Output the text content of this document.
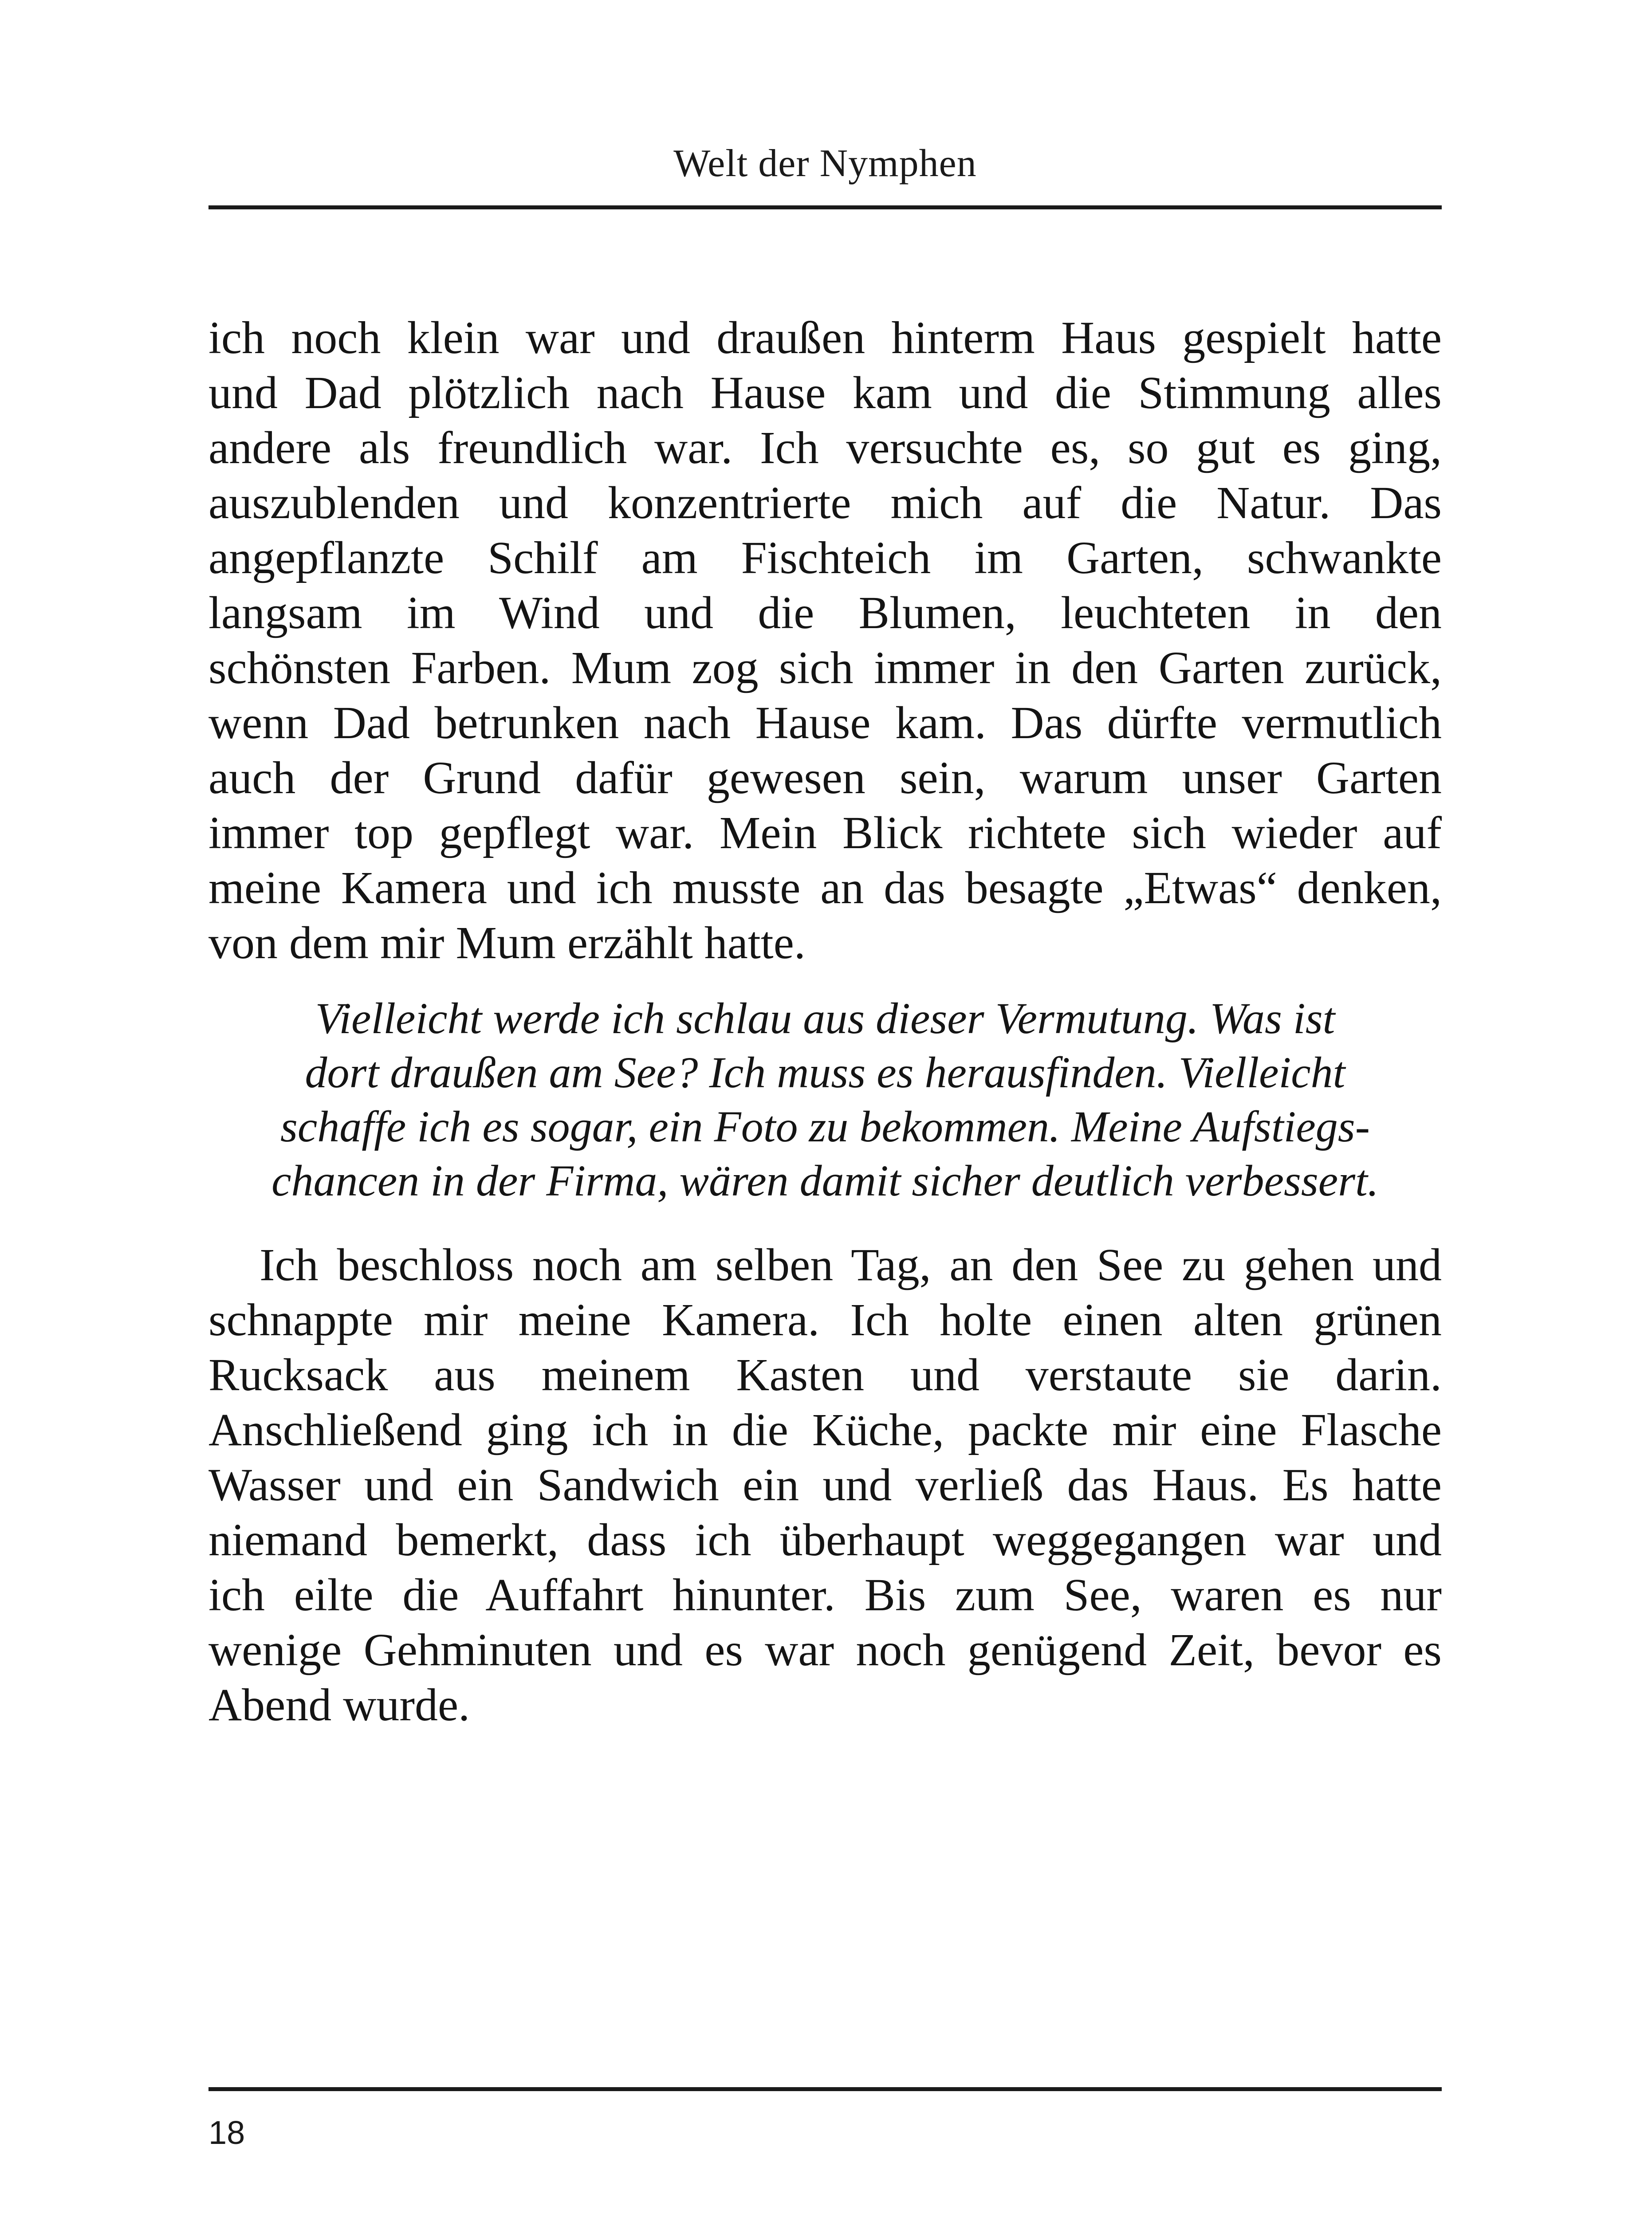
Welt der Nymphen
ich noch klein war und draußen hinterm Haus gespielt hatte
und Dad plötzlich nach Hause kam und die Stimmung alles
andere als freundlich war. Ich versuchte es, so gut es ging,
auszublenden und konzentrierte mich auf die Natur. Das
angepflanzte Schilf am Fischteich im Garten, schwankte
langsam im Wind und die Blumen, leuchteten in den
schönsten Farben. Mum zog sich immer in den Garten zurück,
wenn Dad betrunken nach Hause kam. Das dürfte vermutlich
auch der Grund dafür gewesen sein, warum unser Garten
immer top gepflegt war. Mein Blick richtete sich wieder auf
meine Kamera und ich musste an das besagte „Etwas“ denken,
von dem mir Mum erzählt hatte.
Vielleicht werde ich schlau aus dieser Vermutung. Was ist
dort draußen am See? Ich muss es herausfinden. Vielleicht
schaffe ich es sogar, ein Foto zu bekommen. Meine Aufstiegs-
chancen in der Firma, wären damit sicher deutlich verbessert.
Ich beschloss noch am selben Tag, an den See zu gehen und
schnappte mir meine Kamera. Ich holte einen alten grünen
Rucksack aus meinem Kasten und verstaute sie darin.
Anschließend ging ich in die Küche, packte mir eine Flasche
Wasser und ein Sandwich ein und verließ das Haus. Es hatte
niemand bemerkt, dass ich überhaupt weggegangen war und
ich eilte die Auffahrt hinunter. Bis zum See, waren es nur
wenige Gehminuten und es war noch genügend Zeit, bevor es
Abend wurde.
18
